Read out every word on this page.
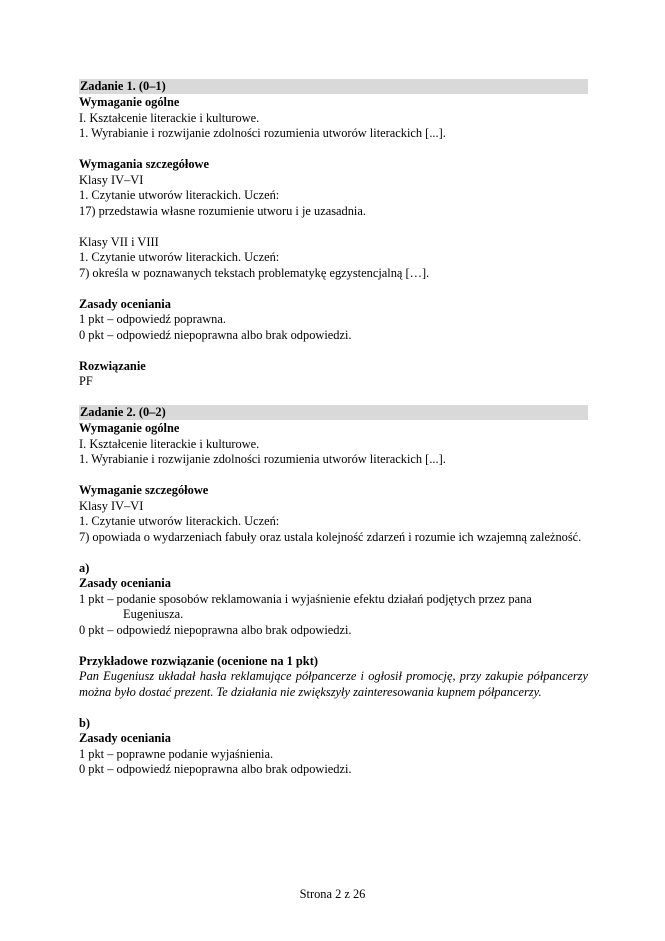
Zadanie 1. (0–1)
Wymaganie ogólne
I. Kształcenie literackie i kulturowe.
1. Wyrabianie i rozwijanie zdolności rozumienia utworów literackich [...].
Wymagania szczegółowe
Klasy IV–VI
1. Czytanie utworów literackich. Uczeń:
17) przedstawia własne rozumienie utworu i je uzasadnia.
Klasy VII i VIII
1. Czytanie utworów literackich. Uczeń:
7) określa w poznawanych tekstach problematykę egzystencjalną […].
Zasady oceniania
1 pkt – odpowiedź poprawna.
0 pkt – odpowiedź niepoprawna albo brak odpowiedzi.
Rozwiązanie
PF
Zadanie 2. (0–2)
Wymaganie ogólne
I. Kształcenie literackie i kulturowe.
1. Wyrabianie i rozwijanie zdolności rozumienia utworów literackich [...].
Wymaganie szczegółowe
Klasy IV–VI
1. Czytanie utworów literackich. Uczeń:
7) opowiada o wydarzeniach fabuły oraz ustala kolejność zdarzeń i rozumie ich wzajemną zależność.
a)
Zasady oceniania
1 pkt – podanie sposobów reklamowania i wyjaśnienie efektu działań podjętych przez pana Eugeniusza.
0 pkt – odpowiedź niepoprawna albo brak odpowiedzi.
Przykładowe rozwiązanie (ocenione na 1 pkt)
Pan Eugeniusz układał hasła reklamujące półpancerze i ogłosił promocję, przy zakupie półpancerzy można było dostać prezent. Te działania nie zwiększyły zainteresowania kupnem półpancerzy.
b)
Zasady oceniania
1 pkt – poprawne podanie wyjaśnienia.
0 pkt – odpowiedź niepoprawna albo brak odpowiedzi.
Strona 2 z 26
